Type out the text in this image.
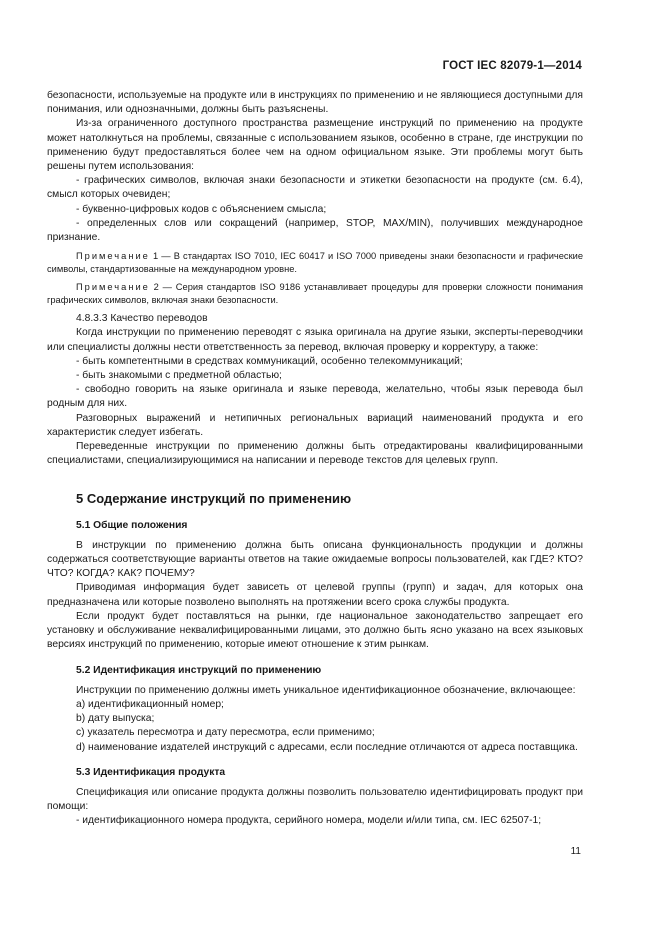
ГОСТ IEC 82079-1—2014

безопасности, используемые на продукте или в инструкциях по применению и не являющиеся доступными для понимания, или однозначными, должны быть разъяснены.

Из-за ограниченного доступного пространства размещение инструкций по применению на продукте может натолкнуться на проблемы, связанные с использованием языков, особенно в стране, где инструкции по применению будут предоставляться более чем на одном официальном языке. Эти проблемы могут быть решены путем использования:

- графических символов, включая знаки безопасности и этикетки безопасности на продукте (см. 6.4), смысл которых очевиден;

- буквенно-цифровых кодов с объяснением смысла;

- определенных слов или сокращений (например, STOP, MAX/MIN), получивших международное признание.

Примечание 1 — В стандартах ISO 7010, IEC 60417 и ISO 7000 приведены знаки безопасности и графические символы, стандартизованные на международном уровне.

Примечание 2 — Серия стандартов ISO 9186 устанавливает процедуры для проверки сложности понимания графических символов, включая знаки безопасности.

4.8.3.3 Качество переводов

Когда инструкции по применению переводят с языка оригинала на другие языки, эксперты-переводчики или специалисты должны нести ответственность за перевод, включая проверку и корректуру, а также:

- быть компетентными в средствах коммуникаций, особенно телекоммуникаций;

- быть знакомыми с предметной областью;

- свободно говорить на языке оригинала и языке перевода, желательно, чтобы язык перевода был родным для них.

Разговорных выражений и нетипичных региональных вариаций наименований продукта и его характеристик следует избегать.

Переведенные инструкции по применению должны быть отредактированы квалифицированными специалистами, специализирующимися на написании и переводе текстов для целевых групп.

5 Содержание инструкций по применению
5.1 Общие положения

В инструкции по применению должна быть описана функциональность продукции и должны содержаться соответствующие варианты ответов на такие ожидаемые вопросы пользователей, как ГДЕ? КТО? ЧТО? КОГДА? КАК? ПОЧЕМУ?

Приводимая информация будет зависеть от целевой группы (групп) и задач, для которых она предназначена или которые позволено выполнять на протяжении всего срока службы продукта.

Если продукт будет поставляться на рынки, где национальное законодательство запрещает его установку и обслуживание неквалифицированными лицами, это должно быть ясно указано на всех языковых версиях инструкций по применению, которые имеют отношение к этим рынкам.

5.2 Идентификация инструкций по применению

Инструкции по применению должны иметь уникальное идентификационное обозначение, включающее:

a) идентификационный номер;

b) дату выпуска;

c) указатель пересмотра и дату пересмотра, если применимо;

d) наименование издателей инструкций с адресами, если последние отличаются от адреса поставщика.

5.3 Идентификация продукта

Спецификация или описание продукта должны позволить пользователю идентифицировать продукт при помощи:

- идентификационного номера продукта, серийного номера, модели и/или типа, см. IEC 62507-1;

11
